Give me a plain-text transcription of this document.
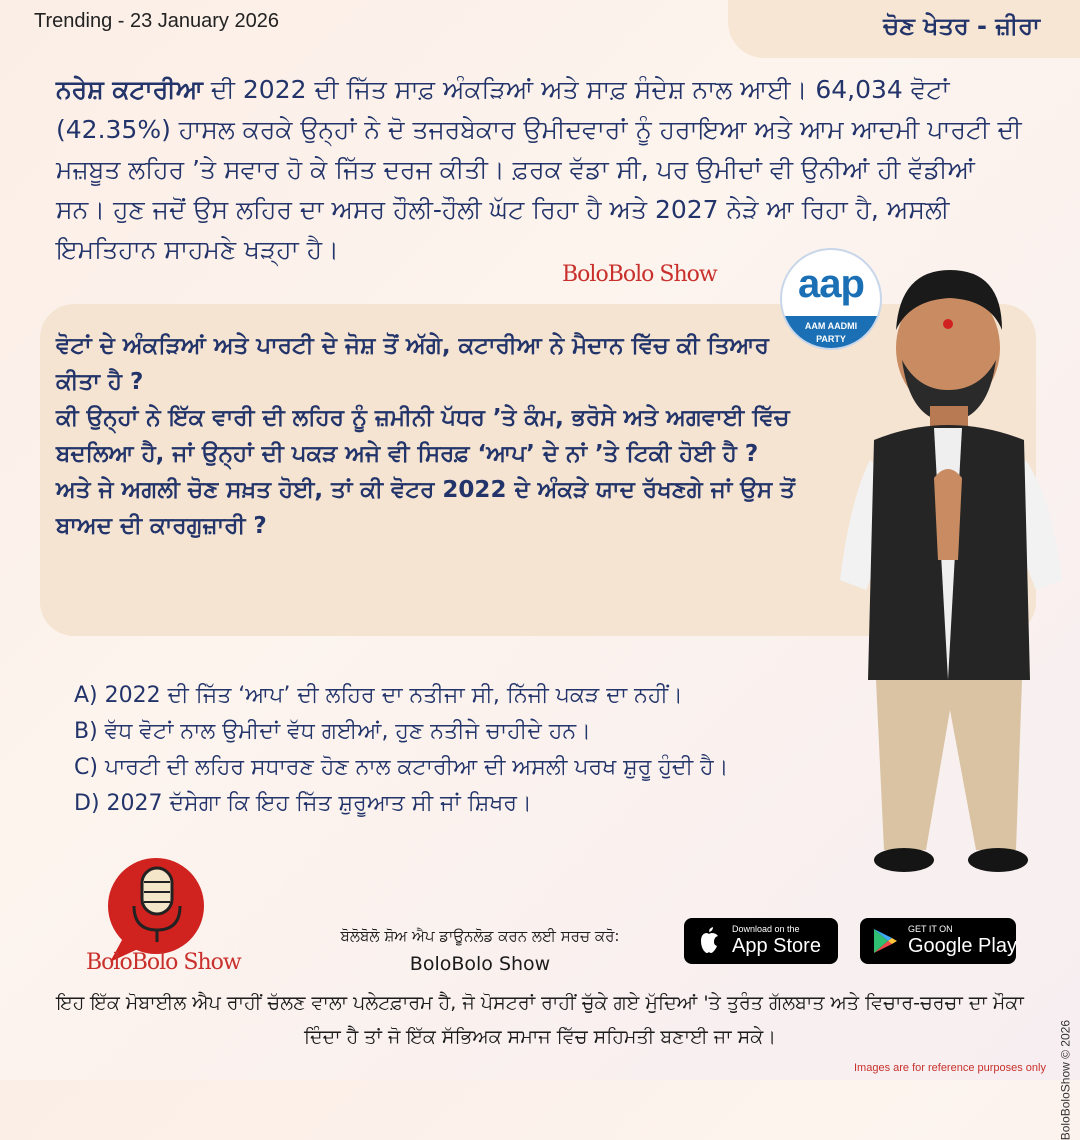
Trending - 23 January 2026	ਚੋਣ ਖੇਤਰ - ਜ਼ੀਰਾ
ਨਰੇਸ਼ ਕਟਾਰੀਆ ਦੀ 2022 ਦੀ ਜਿੱਤ ਸਾਫ਼ ਅੰਕੜਿਆਂ ਅਤੇ ਸਾਫ਼ ਸੰਦੇਸ਼ ਨਾਲ ਆਈ। 64,034 ਵੋਟਾਂ (42.35%) ਹਾਸਲ ਕਰਕੇ ਉਨ੍ਹਾਂ ਨੇ ਦੋ ਤਜਰਬੇਕਾਰ ਉਮੀਦਵਾਰਾਂ ਨੂੰ ਹਰਾਇਆ ਅਤੇ ਆਮ ਆਦਮੀ ਪਾਰਟੀ ਦੀ ਮਜ਼ਬੂਤ ਲਹਿਰ ’ਤੇ ਸਵਾਰ ਹੋ ਕੇ ਜਿੱਤ ਦਰਜ ਕੀਤੀ। ਫ਼ਰਕ ਵੱਡਾ ਸੀ, ਪਰ ਉਮੀਦਾਂ ਵੀ ਉਨੀਆਂ ਹੀ ਵੱਡੀਆਂ ਸਨ। ਹੁਣ ਜਦੋਂ ਉਸ ਲਹਿਰ ਦਾ ਅਸਰ ਹੌਲੀ-ਹੌਲੀ ਘੱਟ ਰਿਹਾ ਹੈ ਅਤੇ 2027 ਨੇੜੇ ਆ ਰਿਹਾ ਹੈ, ਅਸਲੀ ਇਮਤਿਹਾਨ ਸਾਹਮਣੇ ਖੜ੍ਹਾ ਹੈ।
BoloBolo Show
ਵੋਟਾਂ ਦੇ ਅੰਕੜਿਆਂ ਅਤੇ ਪਾਰਟੀ ਦੇ ਜੋਸ਼ ਤੋਂ ਅੱਗੇ, ਕਟਾਰੀਆ ਨੇ ਮੈਦਾਨ ਵਿੱਚ ਕੀ ਤਿਆਰ ਕੀਤਾ ਹੈ ?
ਕੀ ਉਨ੍ਹਾਂ ਨੇ ਇੱਕ ਵਾਰੀ ਦੀ ਲਹਿਰ ਨੂੰ ਜ਼ਮੀਨੀ ਪੱਧਰ ’ਤੇ ਕੰਮ, ਭਰੋਸੇ ਅਤੇ ਅਗਵਾਈ ਵਿੱਚ ਬਦਲਿਆ ਹੈ, ਜਾਂ ਉਨ੍ਹਾਂ ਦੀ ਪਕੜ ਅਜੇ ਵੀ ਸਿਰਫ਼ ‘ਆਪ’ ਦੇ ਨਾਂ ’ਤੇ ਟਿਕੀ ਹੋਈ ਹੈ ?
ਅਤੇ ਜੇ ਅਗਲੀ ਚੋਣ ਸਖ਼ਤ ਹੋਈ, ਤਾਂ ਕੀ ਵੋਟਰ 2022 ਦੇ ਅੰਕੜੇ ਯਾਦ ਰੱਖਣਗੇ ਜਾਂ ਉਸ ਤੋਂ ਬਾਅਦ ਦੀ ਕਾਰਗੁਜ਼ਾਰੀ ?
aap
AAM AADMI
PARTY
A) 2022 ਦੀ ਜਿੱਤ ‘ਆਪ’ ਦੀ ਲਹਿਰ ਦਾ ਨਤੀਜਾ ਸੀ, ਨਿੱਜੀ ਪਕੜ ਦਾ ਨਹੀਂ।
B) ਵੱਧ ਵੋਟਾਂ ਨਾਲ ਉਮੀਦਾਂ ਵੱਧ ਗਈਆਂ, ਹੁਣ ਨਤੀਜੇ ਚਾਹੀਦੇ ਹਨ।
C) ਪਾਰਟੀ ਦੀ ਲਹਿਰ ਸਧਾਰਣ ਹੋਣ ਨਾਲ ਕਟਾਰੀਆ ਦੀ ਅਸਲੀ ਪਰਖ ਸ਼ੁਰੂ ਹੁੰਦੀ ਹੈ।
D) 2027 ਦੱਸੇਗਾ ਕਿ ਇਹ ਜਿੱਤ ਸ਼ੁਰੂਆਤ ਸੀ ਜਾਂ ਸ਼ਿਖਰ।
BoloBolo Show
ਬੋਲੋਬੋਲੋ ਸ਼ੋਅ ਐਪ ਡਾਊਨਲੋਡ ਕਰਨ ਲਈ ਸਰਚ ਕਰੋ:
BoloBolo Show
Download on the
App Store
GET IT ON
Google Play
BoloBoloShow © 2026
ਇਹ ਇੱਕ ਮੋਬਾਈਲ ਐਪ ਰਾਹੀਂ ਚੱਲਣ ਵਾਲਾ ਪਲੇਟਫ਼ਾਰਮ ਹੈ, ਜੋ ਪੋਸਟਰਾਂ ਰਾਹੀਂ ਚੁੱਕੇ ਗਏ ਮੁੱਦਿਆਂ 'ਤੇ ਤੁਰੰਤ ਗੱਲਬਾਤ ਅਤੇ ਵਿਚਾਰ-ਚਰਚਾ ਦਾ ਮੌਕਾ ਦਿੰਦਾ ਹੈ ਤਾਂ ਜੋ ਇੱਕ ਸੱਭਿਅਕ ਸਮਾਜ ਵਿੱਚ ਸਹਿਮਤੀ ਬਣਾਈ ਜਾ ਸਕੇ।
Images are for reference purposes only
